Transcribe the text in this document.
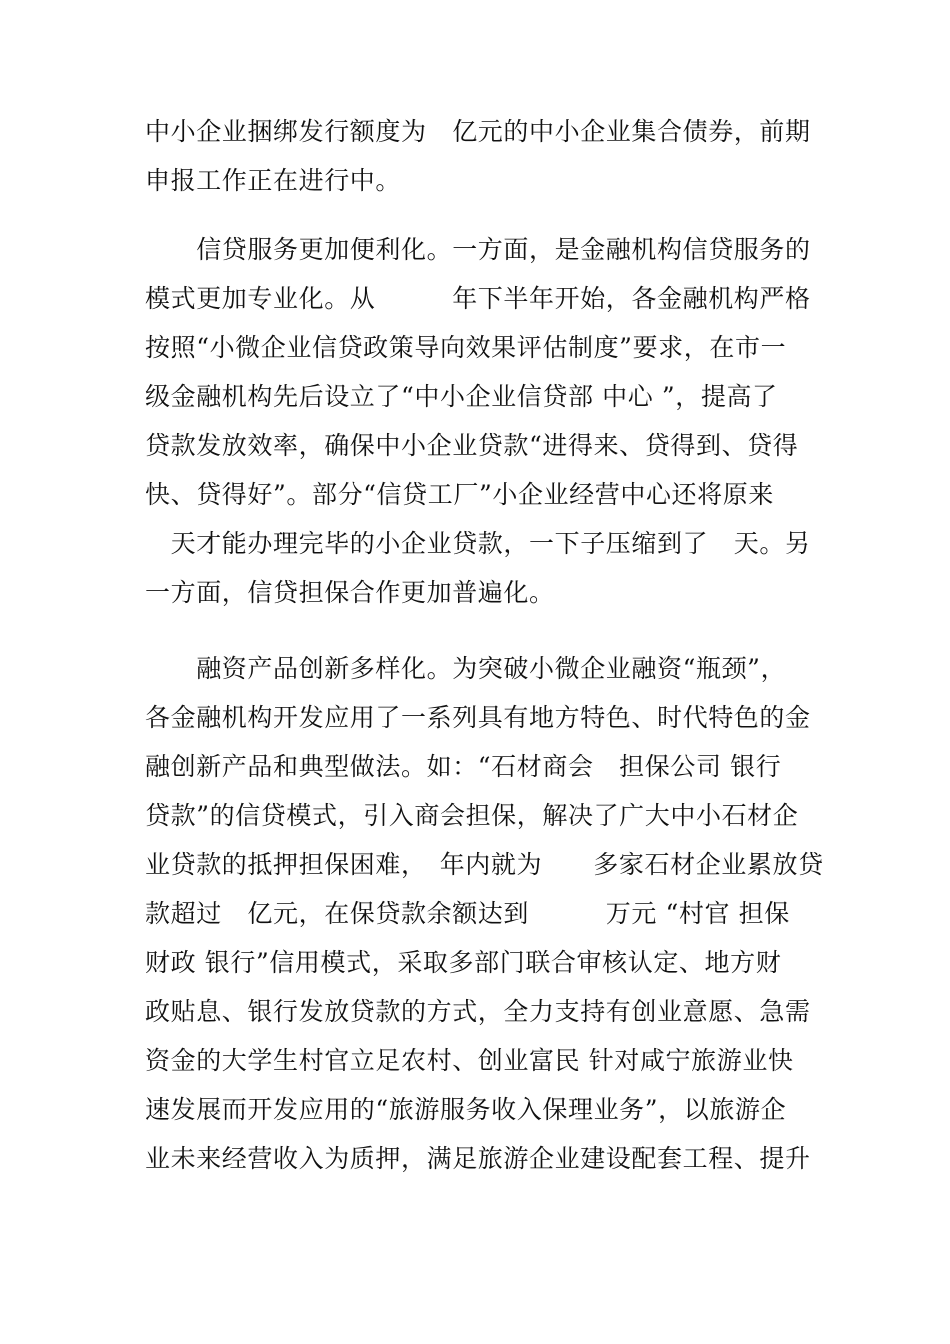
中小企业捆绑发行额度为　亿元的中小企业集合债券，前期
申报工作正在进行中。
　　信贷服务更加便利化。一方面，是金融机构信贷服务的
模式更加专业化。从　　　年下半年开始，各金融机构严格
按照“小微企业信贷政策导向效果评估制度”要求，在市一
级金融机构先后设立了“中小企业信贷部 中心 ”，提高了
贷款发放效率，确保中小企业贷款“进得来、贷得到、贷得
快、贷得好”。部分“信贷工厂”小企业经营中心还将原来
　天才能办理完毕的小企业贷款，一下子压缩到了　天。另
一方面，信贷担保合作更加普遍化。
　　融资产品创新多样化。为突破小微企业融资“瓶颈”，
各金融机构开发应用了一系列具有地方特色、时代特色的金
融创新产品和典型做法。如：“石材商会　担保公司 银行
贷款”的信贷模式，引入商会担保，解决了广大中小石材企
业贷款的抵押担保困难，　年内就为　　多家石材企业累放贷
款超过　亿元，在保贷款余额达到　　　万元 “村官 担保
财政 银行”信用模式，采取多部门联合审核认定、地方财
政贴息、银行发放贷款的方式，全力支持有创业意愿、急需
资金的大学生村官立足农村、创业富民 针对咸宁旅游业快
速发展而开发应用的“旅游服务收入保理业务”，以旅游企
业未来经营收入为质押，满足旅游企业建设配套工程、提升
